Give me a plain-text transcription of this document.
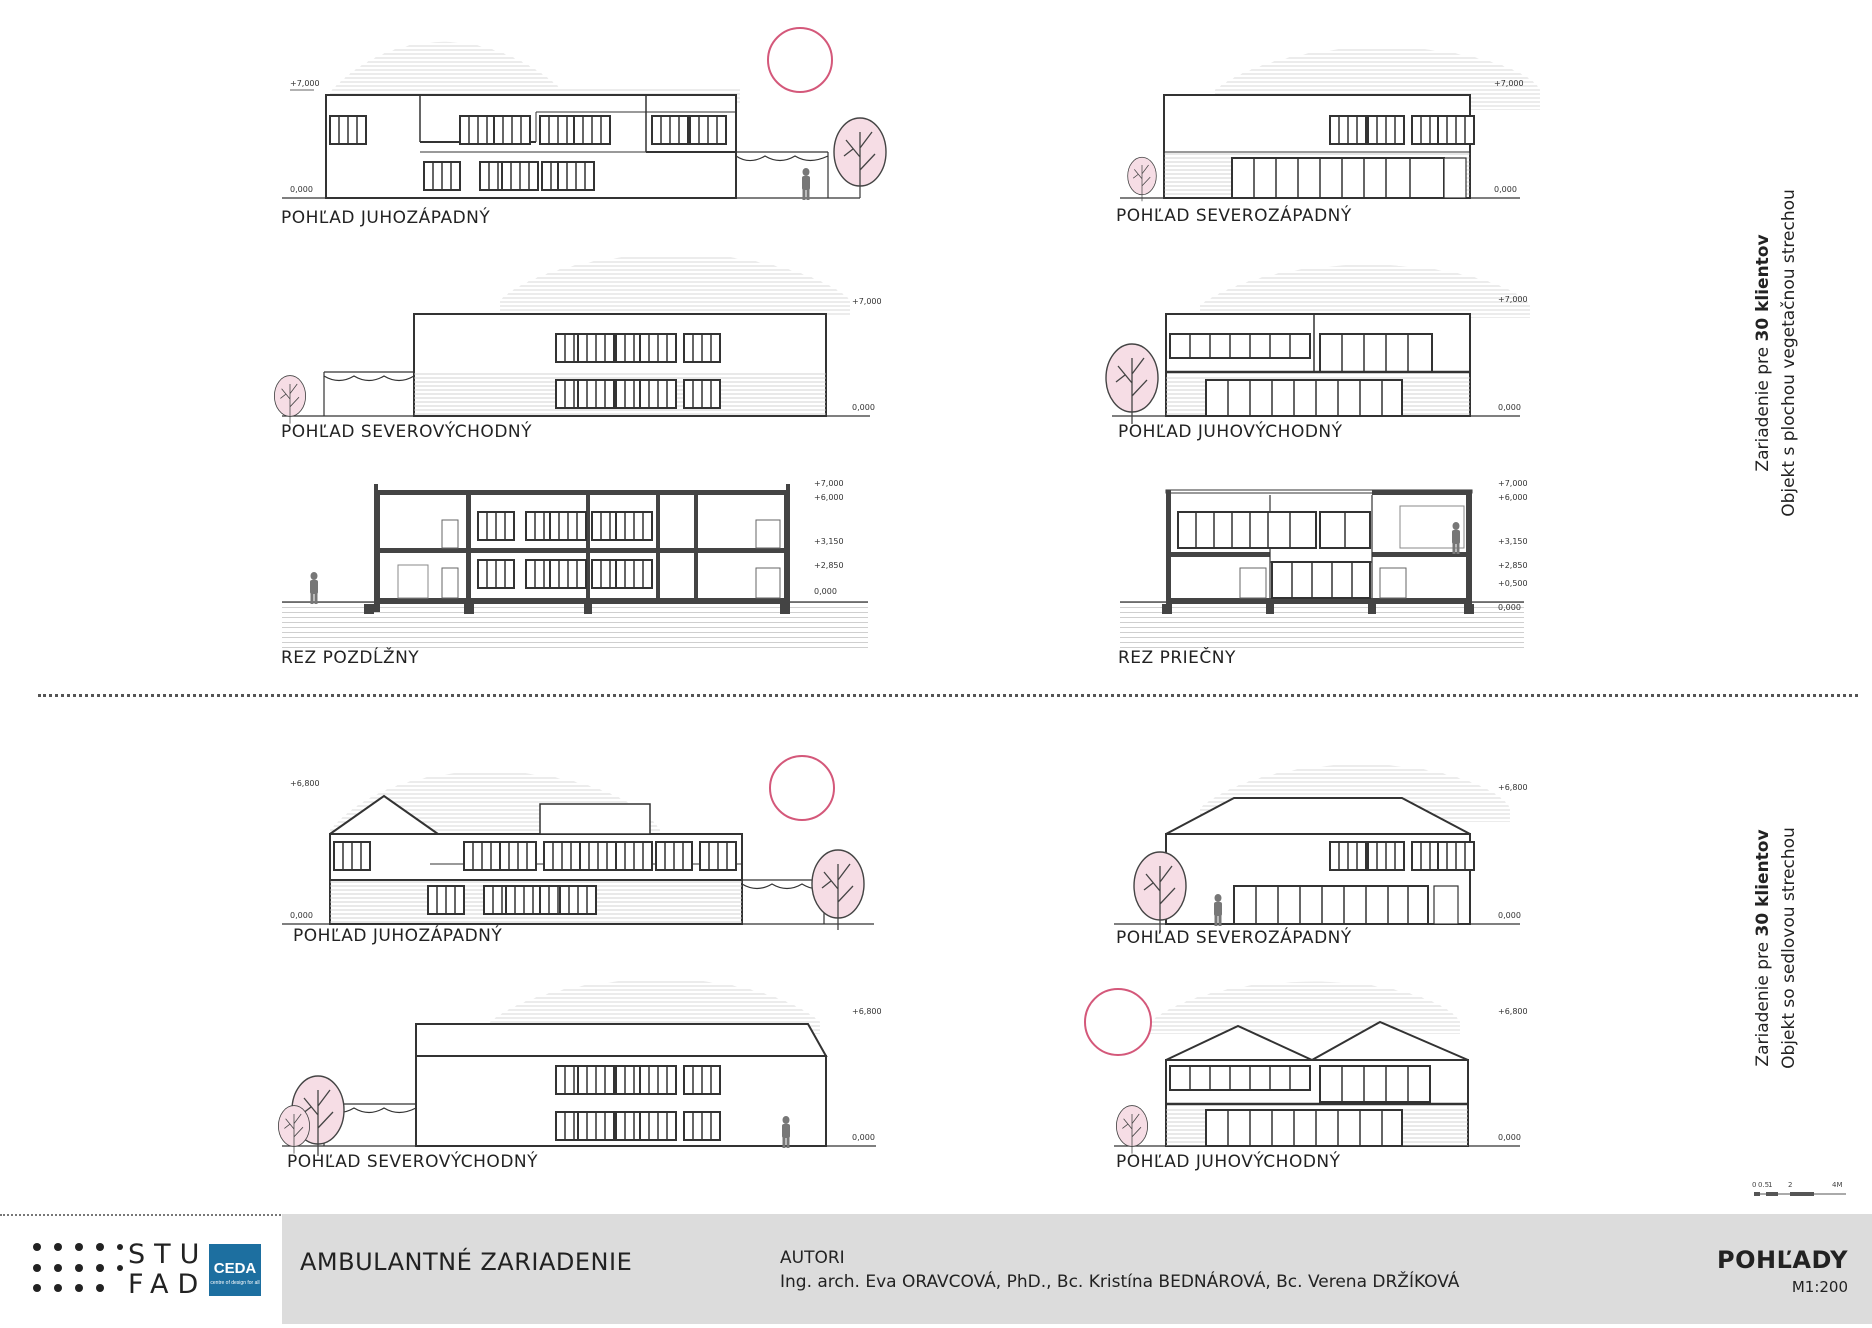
+7,000
0,000
+7,000
0,000
+7,000
0,000
+7,000
0,000
+7,000
+6,000
+3,150
+2,850
0,000
+7,000
+6,000
+3,150
+2,850
+0,500
0,000
+6,800
0,000
+6,800
0,000
+6,800
0,000
+6,800
0,000
POHĽAD JUHOZÁPADNÝ	POHĽAD SEVEROZÁPADNÝ
POHĽAD SEVEROVÝCHODNÝ	POHĽAD JUHOVÝCHODNÝ
REZ POZDĹŽNY	REZ PRIEČNY
POHĽAD JUHOZÁPADNÝ	POHĽAD SEVEROZÁPADNÝ
POHĽAD SEVEROVÝCHODNÝ	POHĽAD JUHOVÝCHODNÝ
Zariadenie pre 30 klientov Objekt s plochou vegetačnou strechou
Zariadenie pre 30 klientov Objekt so sedlovou strechou
0 0.5
1 2	4M
STU
FAD
CEDA
centre of design for all
AMBULANTNÉ ZARIADENIE	AUTORI
Ing. arch. Eva ORAVCOVÁ, PhD., Bc. Kristína BEDNÁROVÁ, Bc. Verena DRŽÍKOVÁ
POHĽADY
M1:200
